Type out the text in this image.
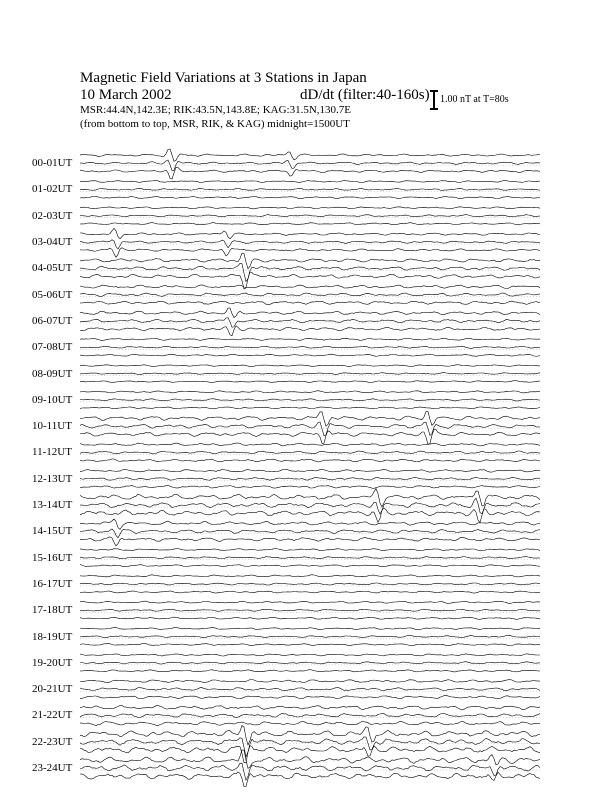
Magnetic Field Variations at 3 Stations in Japan
10 March 2002	dD/dt (filter:40-160s)
MSR:44.4N,142.3E; RIK:43.5N,143.8E; KAG:31.5N,130.7E
(from bottom to top, MSR, RIK, & KAG) midnight=1500UT
1.00 nT at T=80s
00-01UT
01-02UT
02-03UT
03-04UT
04-05UT
05-06UT
06-07UT
07-08UT
08-09UT
09-10UT
10-11UT
11-12UT
12-13UT
13-14UT
14-15UT
15-16UT
16-17UT
17-18UT
18-19UT
19-20UT
20-21UT
21-22UT
22-23UT
23-24UT
